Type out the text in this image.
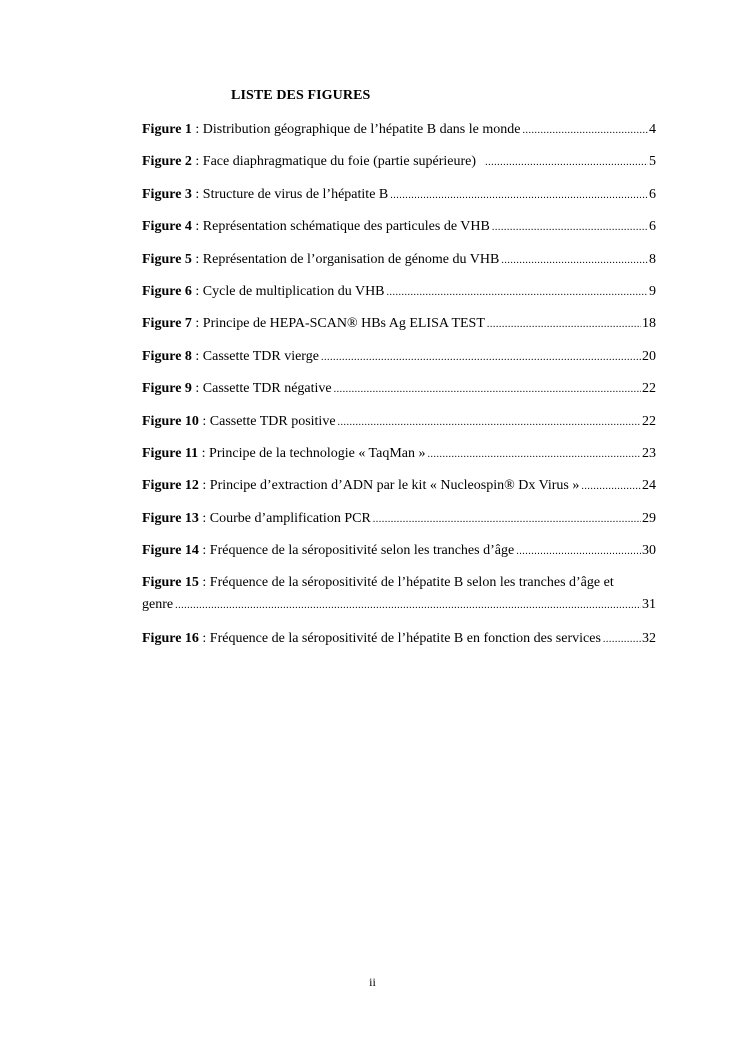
LISTE DES FIGURES
Figure 1 : Distribution géographique de l’hépatite B dans le monde .....	4
Figure 2 : Face diaphragmatique du foie (partie supérieure) .....	5
Figure 3 : Structure de virus de l’hépatite B .....	6
Figure 4 : Représentation schématique des particules de VHB .....	6
Figure 5 : Représentation de l’organisation de génome du VHB .....	8
Figure 6 : Cycle de multiplication du VHB .....	9
Figure 7 : Principe de HEPA-SCAN® HBs Ag ELISA TEST .....	18
Figure 8 : Cassette TDR vierge .....	20
Figure 9 : Cassette TDR négative .....	22
Figure 10 : Cassette TDR positive .....	22
Figure 11 : Principe de la technologie « TaqMan » .....	23
Figure 12 : Principe d’extraction d’ADN par le kit « Nucleospin® Dx Virus » .....	24
Figure 13 : Courbe d’amplification PCR .....	29
Figure 14 : Fréquence de la séropositivité selon les tranches d’âge .....	30
Figure 15 : Fréquence de la séropositivité de l’hépatite B selon les tranches d’âge et
genre .....	31
Figure 16 : Fréquence de la séropositivité de l’hépatite B en fonction des services .....	32
ii
